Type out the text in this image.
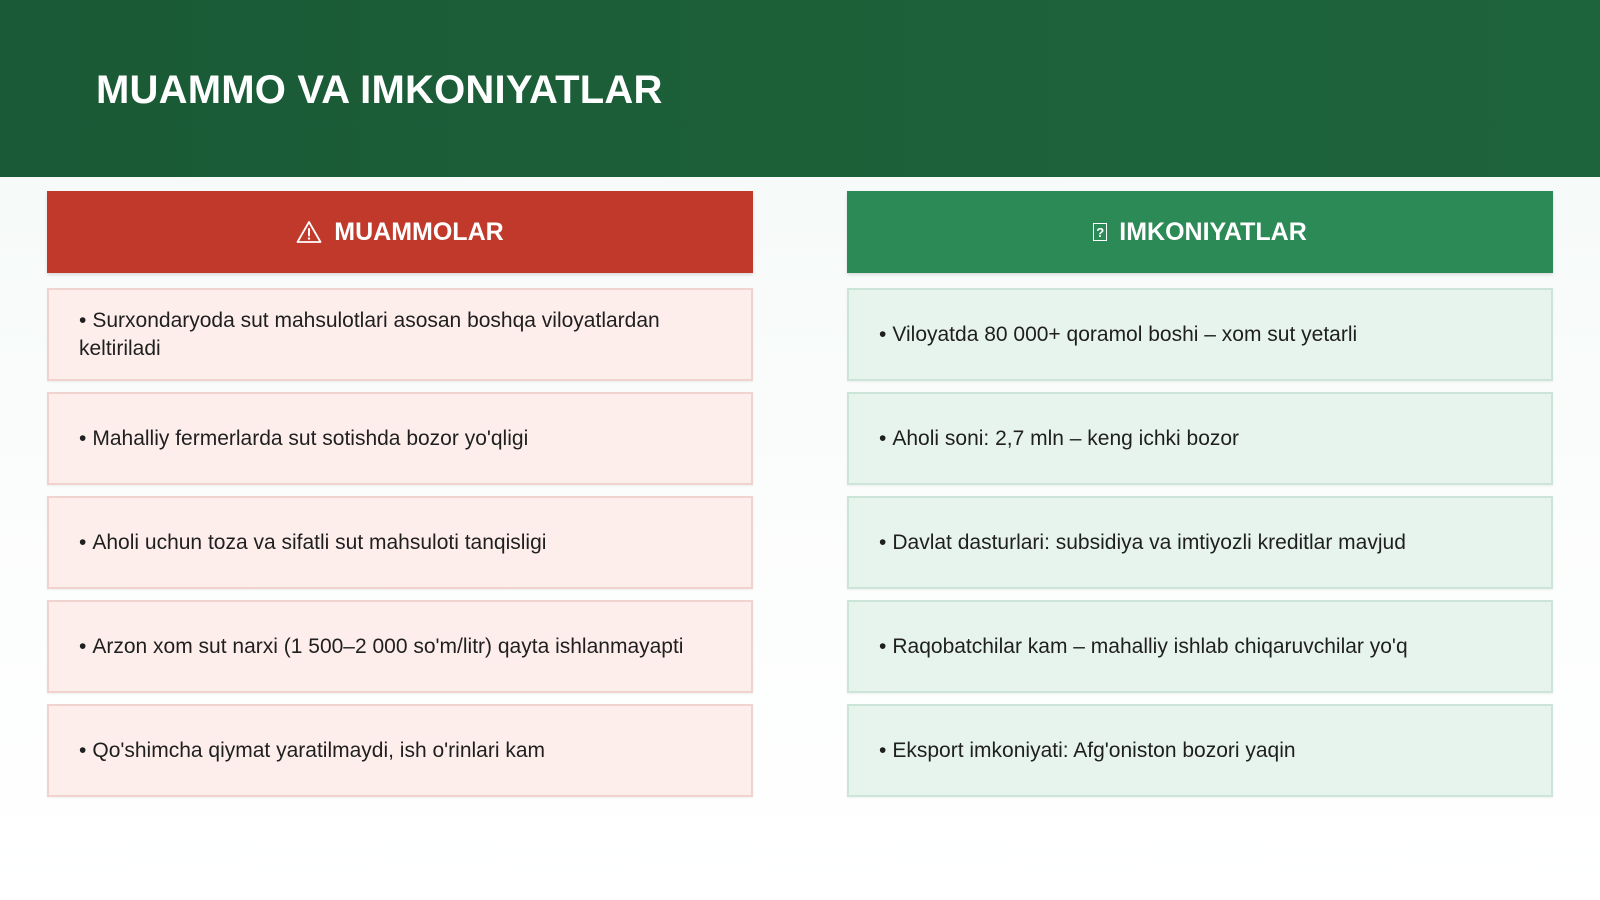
MUAMMO VA IMKONIYATLAR
MUAMMOLAR
• Surxondaryoda sut mahsulotlari asosan boshqa viloyatlardan keltiriladi
• Mahalliy fermerlarda sut sotishda bozor yo'qligi
• Aholi uchun toza va sifatli sut mahsuloti tanqisligi
• Arzon xom sut narxi (1 500–2 000 so'm/litr) qayta ishlanmayapti
• Qo'shimcha qiymat yaratilmaydi, ish o'rinlari kam
? IMKONIYATLAR
• Viloyatda 80 000+ qoramol boshi – xom sut yetarli
• Aholi soni: 2,7 mln – keng ichki bozor
• Davlat dasturlari: subsidiya va imtiyozli kreditlar mavjud
• Raqobatchilar kam – mahalliy ishlab chiqaruvchilar yo'q
• Eksport imkoniyati: Afg'oniston bozori yaqin
